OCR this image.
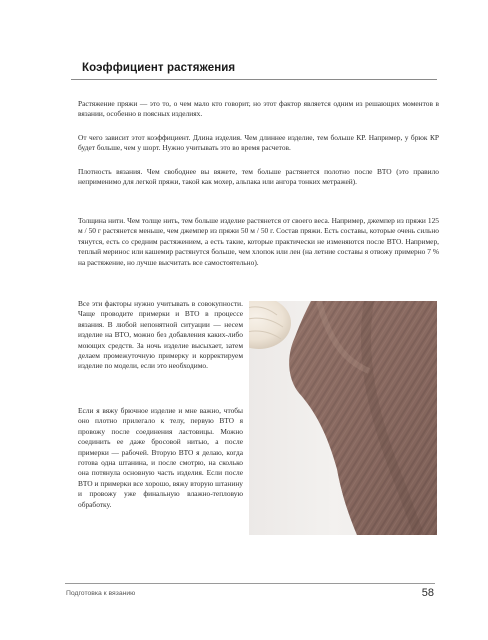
Коэффициент растяжения

Растяжение пряжи — это то, о чем мало кто говорит, но этот фактор является одним из решающих моментов в вязании, особенно в поясных изделиях.

От чего зависит этот коэффициент. Длина изделия. Чем длиннее изделие, тем больше КР. Например, у брюк КР будет больше, чем у шорт. Нужно учитывать это во время расчетов.

Плотность вязания. Чем свободнее вы вяжете, тем больше растянется полотно после ВТО (это правило неприменимо для легкой пряжи, такой как мохер, альпака или ангора тонких метражей).

Толщина нити. Чем толще нить, тем больше изделие растянется от своего веса. Например, джемпер из пряжи 125 м / 50 г растянется меньше, чем джемпер из пряжи 50 м / 50 г. Состав пряжи. Есть составы, которые очень сильно тянутся, есть со средним растяжением, а есть такие, которые практически не изменяются после ВТО. Например, теплый меринос или кашемир растянутся больше, чем хлопок или лен (на летние составы я отвожу примерно 7 % на растяжение, но лучше высчитать все самостоятельно).

Все эти факторы нужно учитывать в совокупности. Чаще проводите примерки и ВТО в процессе вязания. В любой непонятной ситуации — несем изделие на ВТО, можно без добавления каких-либо моющих средств. За ночь изделие высыхает, затем делаем промежуточную примерку и корректируем изделие по модели, если это необходимо.

Если я вяжу брючное изделие и мне важно, чтобы оно плотно прилегало к телу, первую ВТО я провожу после соединения ластовицы. Можно соединить ее даже бросовой нитью, а после примерки — рабочей. Вторую ВТО я делаю, когда готова одна штанина, и после смотрю, на сколько она потянула основную часть изделия. Если после ВТО и примерки все хорошо, вяжу вторую штанину и провожу уже финальную влажно-тепловую обработку.

Подготовка к вязанию	58
